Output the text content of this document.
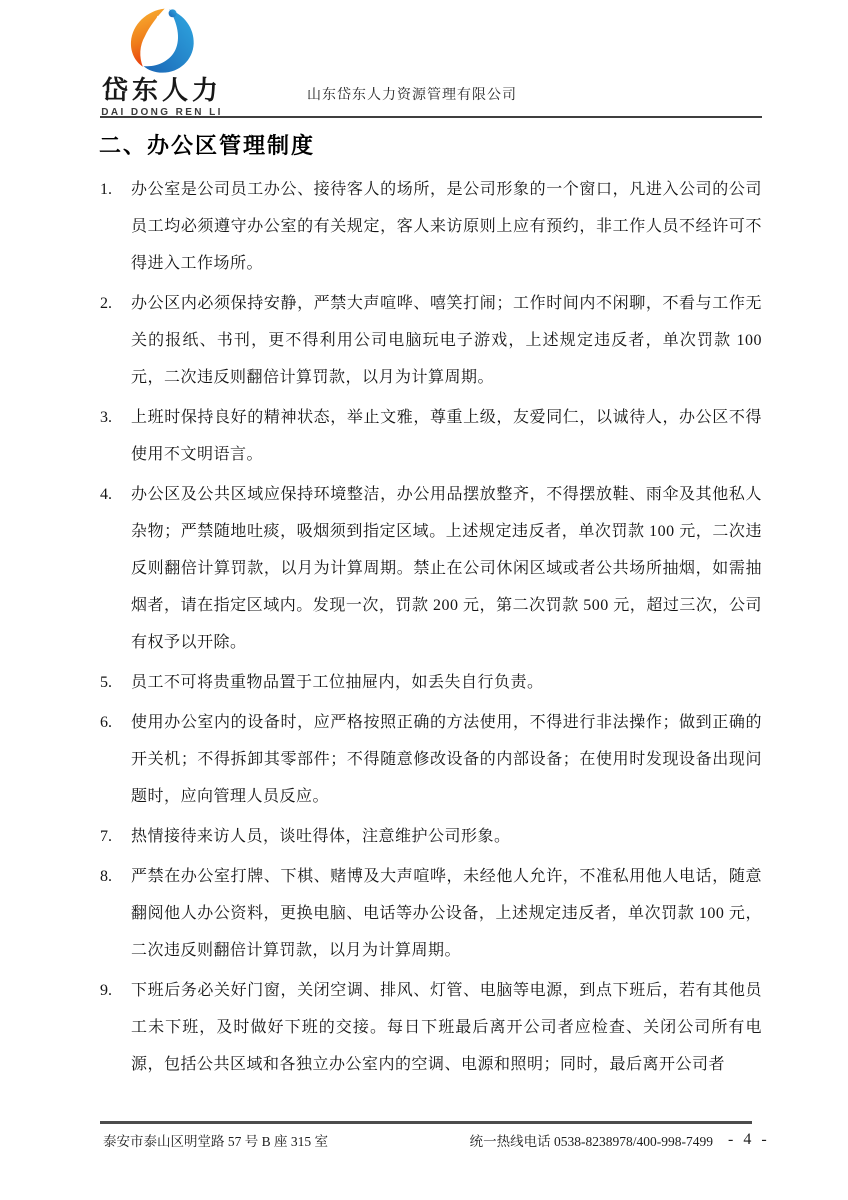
岱东人力
DAI DONG REN LI
山东岱东人力资源管理有限公司
二、办公区管理制度
1.	办公室是公司员工办公、接待客人的场所，是公司形象的一个窗口，凡进入公司的公司员工均必须遵守办公室的有关规定，客人来访原则上应有预约，非工作人员不经许可不得进入工作场所。
2.	办公区内必须保持安静，严禁大声喧哗、嘻笑打闹；工作时间内不闲聊，不看与工作无关的报纸、书刊，更不得利用公司电脑玩电子游戏，上述规定违反者，单次罚款 100 元，二次违反则翻倍计算罚款，以月为计算周期。
3.	上班时保持良好的精神状态，举止文雅，尊重上级，友爱同仁，以诚待人，办公区不得使用不文明语言。
4.	办公区及公共区域应保持环境整洁，办公用品摆放整齐，不得摆放鞋、雨伞及其他私人杂物；严禁随地吐痰，吸烟须到指定区域。上述规定违反者，单次罚款 100 元，二次违反则翻倍计算罚款，以月为计算周期。禁止在公司休闲区域或者公共场所抽烟，如需抽烟者，请在指定区域内。发现一次，罚款 200 元，第二次罚款 500 元，超过三次，公司有权予以开除。
5.	员工不可将贵重物品置于工位抽屉内，如丢失自行负责。
6.	使用办公室内的设备时，应严格按照正确的方法使用，不得进行非法操作；做到正确的开关机；不得拆卸其零部件；不得随意修改设备的内部设备；在使用时发现设备出现问题时，应向管理人员反应。
7.	热情接待来访人员，谈吐得体，注意维护公司形象。
8.	严禁在办公室打牌、下棋、赌博及大声喧哗，未经他人允许，不准私用他人电话，随意翻阅他人办公资料，更换电脑、电话等办公设备，上述规定违反者，单次罚款 100 元，二次违反则翻倍计算罚款，以月为计算周期。
9.	下班后务必关好门窗，关闭空调、排风、灯管、电脑等电源，到点下班后，若有其他员工未下班，及时做好下班的交接。每日下班最后离开公司者应检查、关闭公司所有电源，包括公共区域和各独立办公室内的空调、电源和照明；同时，最后离开公司者
泰安市泰山区明堂路 57 号 B 座 315 室	统一热线电话 0538-8238978/400-998-7499 - 4 -
